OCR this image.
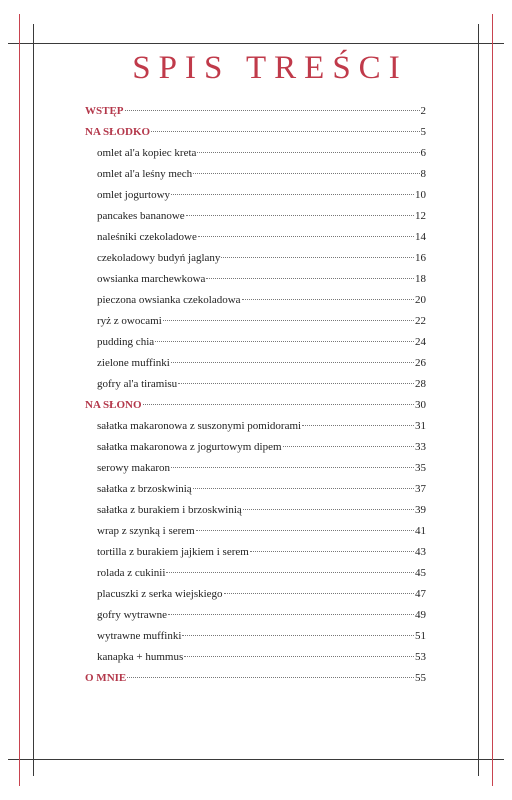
SPIS TREŚCI
WSTĘP	2
NA SŁODKO	5
omlet al'a kopiec kreta	6
omlet al'a leśny mech	8
omlet jogurtowy	10
pancakes bananowe	12
naleśniki czekoladowe	14
czekoladowy budyń jaglany	16
owsianka marchewkowa	18
pieczona owsianka czekoladowa	20
ryż z owocami	22
pudding chia	24
zielone muffinki	26
gofry al'a tiramisu	28
NA SŁONO	30
sałatka makaronowa z suszonymi pomidorami	31
sałatka makaronowa z jogurtowym dipem	33
serowy makaron	35
sałatka z brzoskwinią	37
sałatka z burakiem i brzoskwinią	39
wrap z szynką i serem	41
tortilla z burakiem jajkiem i serem	43
rolada z cukinii	45
placuszki z serka wiejskiego	47
gofry wytrawne	49
wytrawne muffinki	51
kanapka + hummus	53
O MNIE	55
